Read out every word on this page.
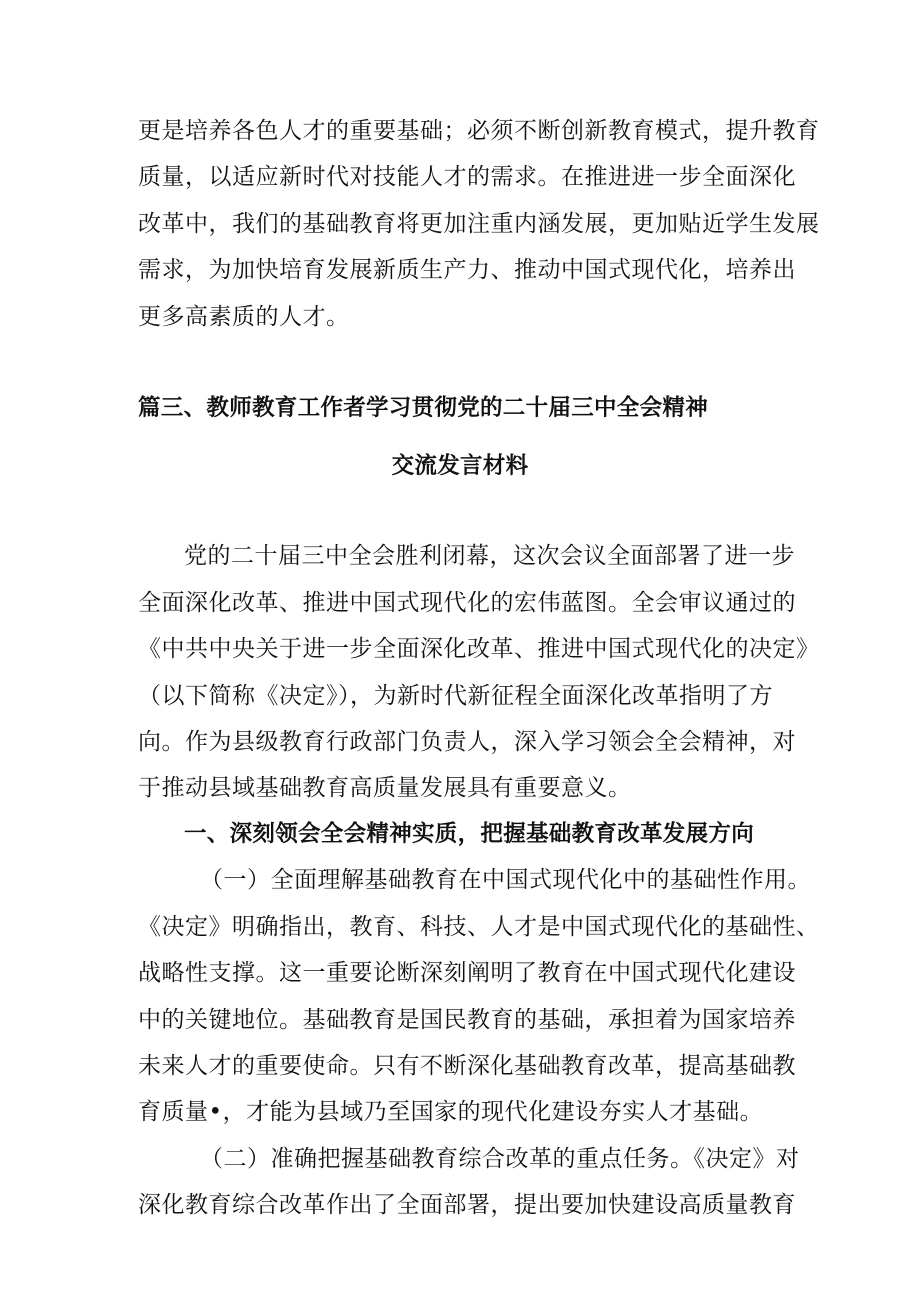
更是培养各色人才的重要基础；必须不断创新教育模式，提升教育
质量，以适应新时代对技能人才的需求。在推进进一步全面深化
改革中，我们的基础教育将更加注重内涵发展，更加贴近学生发展
需求，为加快培育发展新质生产力、推动中国式现代化，培养出
更多高素质的人才。
篇三、教师教育工作者学习贯彻党的二十届三中全会精神
交流发言材料
党的二十届三中全会胜利闭幕，这次会议全面部署了进一步
全面深化改革、推进中国式现代化的宏伟蓝图。全会审议通过的
《中共中央关于进一步全面深化改革、推进中国式现代化的决定》
（以下简称《决定》），为新时代新征程全面深化改革指明了方
向。作为县级教育行政部门负责人，深入学习领会全会精神，对
于推动县域基础教育高质量发展具有重要意义。
一、深刻领会全会精神实质，把握基础教育改革发展方向
（一）全面理解基础教育在中国式现代化中的基础性作用。
《决定》明确指出，教育、科技、人才是中国式现代化的基础性、
战略性支撑。这一重要论断深刻阐明了教育在中国式现代化建设
中的关键地位。基础教育是国民教育的基础，承担着为国家培养
未来人才的重要使命。只有不断深化基础教育改革，提高基础教
育质量•，才能为县域乃至国家的现代化建设夯实人才基础。
（二）准确把握基础教育综合改革的重点任务。《决定》对
深化教育综合改革作出了全面部署，提出要加快建设高质量教育
